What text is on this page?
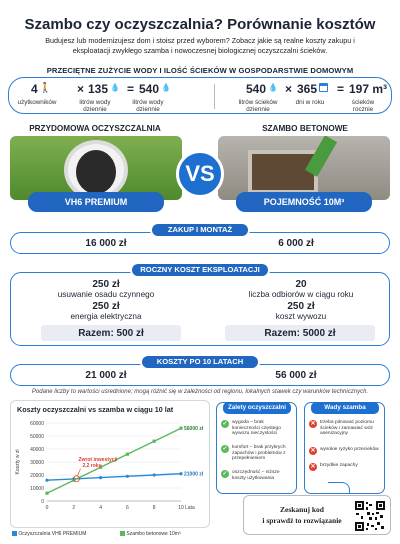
Szambo czy oczyszczalnia? Porównanie kosztów
Budujesz lub modernizujesz dom i stoisz przed wyborem? Zobacz jakie są realne koszty zakupu i eksploatacji zwykłego szamba i nowoczesnej biologicznej oczyszczalni ścieków.
PRZECIĘTNE ZUŻYCIE WODY I ILOŚĆ ŚCIEKÓW W GOSPODARSTWIE DOMOWYM
🚶
4
użytkowników
× 135 💧
litrów wody dziennie
= 540 💧
litrów wody dziennie
540 💧
litrów ścieków dziennie
× 365
dni w roku
= 197 m³
ścieków rocznie
PRZYDOMOWA OCZYSZCZALNIA	SZAMBO BETONOWE
VS
VH6 PREMIUM	POJEMNOŚĆ 10M³
16 000 zł	6 000 zł
ZAKUP I MONTAŻ
250 zł
usuwanie osadu czynnego
250 zł
energia elektryczna
20
liczba odbiorów w ciągu roku
250 zł
koszt wywozu
Razem: 500 zł	Razem: 5000 zł
ROCZNY KOSZT EKSPLOATACJI
21 000 zł	56 000 zł
KOSZTY PO 10 LATACH
Podane liczby to wartości uśrednione; mogą różnić się w zależności od regionu, lokalnych stawek czy warunków technicznych.
Koszty oczyszczalni vs szamba w ciągu 10 lat
0
10000
20000
30000
40000
50000
60000
0	2	4	6	8	10 Lata
Koszty w zł	Zwrot inwestycji
2,2 roku
56000 zł
21000 zł
Oczyszczalnia VH6 PREMIUM	Szambo betonowe 10m³
Zalety oczyszczalni
✓ wygoda – brak konieczności częstego wywozu nieczystości
✓ komfort – brak przykrych zapachów i problemów z przepełnieniem
✓ oszczędność – niższe koszty użytkowania
Wady szamba
✕ trzeba pilnować poziomu ścieków i zamawiać wóz asenizacyjny
✕ wysokie ryzyko przecieków
✕ brzydkie zapachy
Zeskanuj kod
i sprawdź to rozwiązanie
